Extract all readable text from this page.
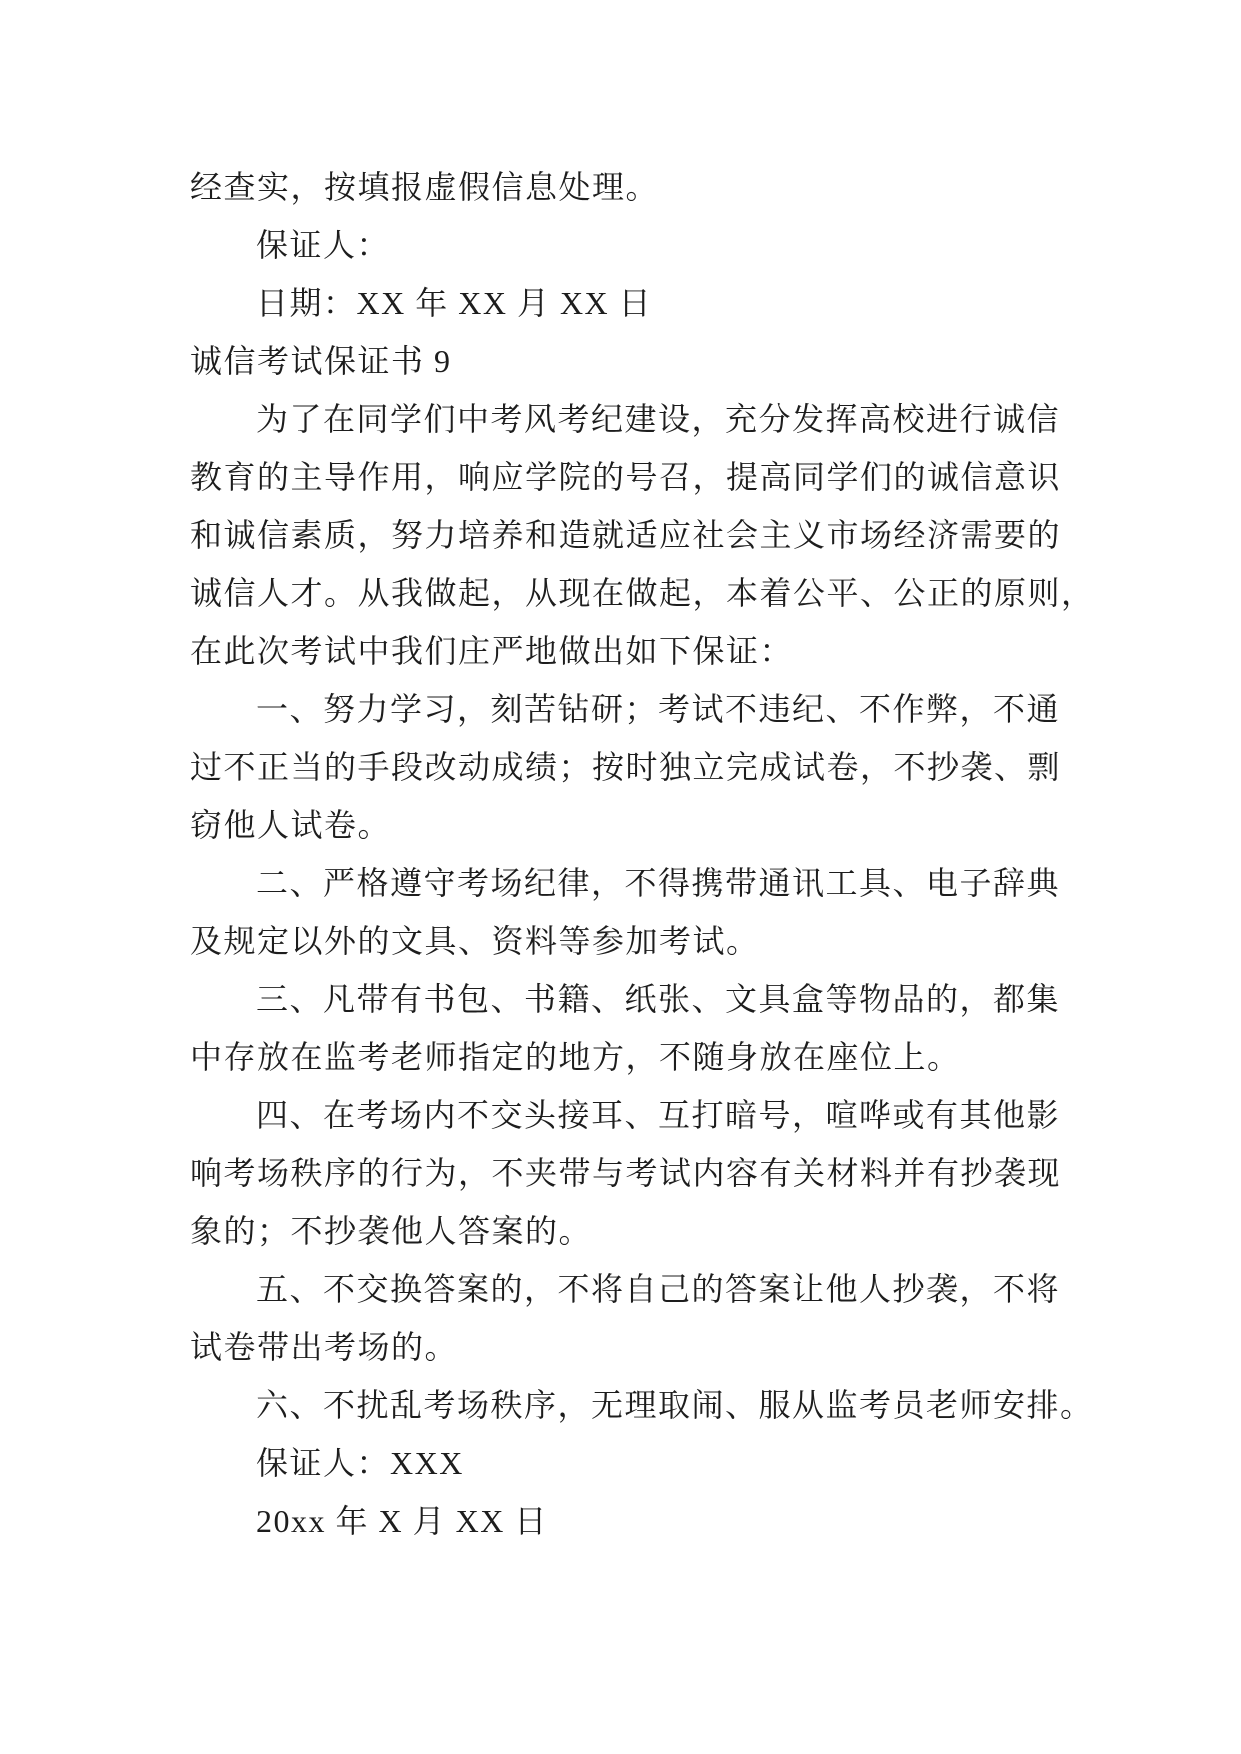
经查实，按填报虚假信息处理。
保证人：
日期：XX 年 XX 月 XX 日
诚信考试保证书 9
为了在同学们中考风考纪建设，充分发挥高校进行诚信
教育的主导作用，响应学院的号召，提高同学们的诚信意识
和诚信素质，努力培养和造就适应社会主义市场经济需要的
诚信人才。从我做起，从现在做起，本着公平、公正的原则，
在此次考试中我们庄严地做出如下保证：
一、努力学习，刻苦钻研；考试不违纪、不作弊，不通
过不正当的手段改动成绩；按时独立完成试卷，不抄袭、剽
窃他人试卷。
二、严格遵守考场纪律，不得携带通讯工具、电子辞典
及规定以外的文具、资料等参加考试。
三、凡带有书包、书籍、纸张、文具盒等物品的，都集
中存放在监考老师指定的地方，不随身放在座位上。
四、在考场内不交头接耳、互打暗号，喧哗或有其他影
响考场秩序的行为，不夹带与考试内容有关材料并有抄袭现
象的；不抄袭他人答案的。
五、不交换答案的，不将自己的答案让他人抄袭，不将
试卷带出考场的。
六、不扰乱考场秩序，无理取闹、服从监考员老师安排。
保证人：XXX
20xx 年 X 月 XX 日
